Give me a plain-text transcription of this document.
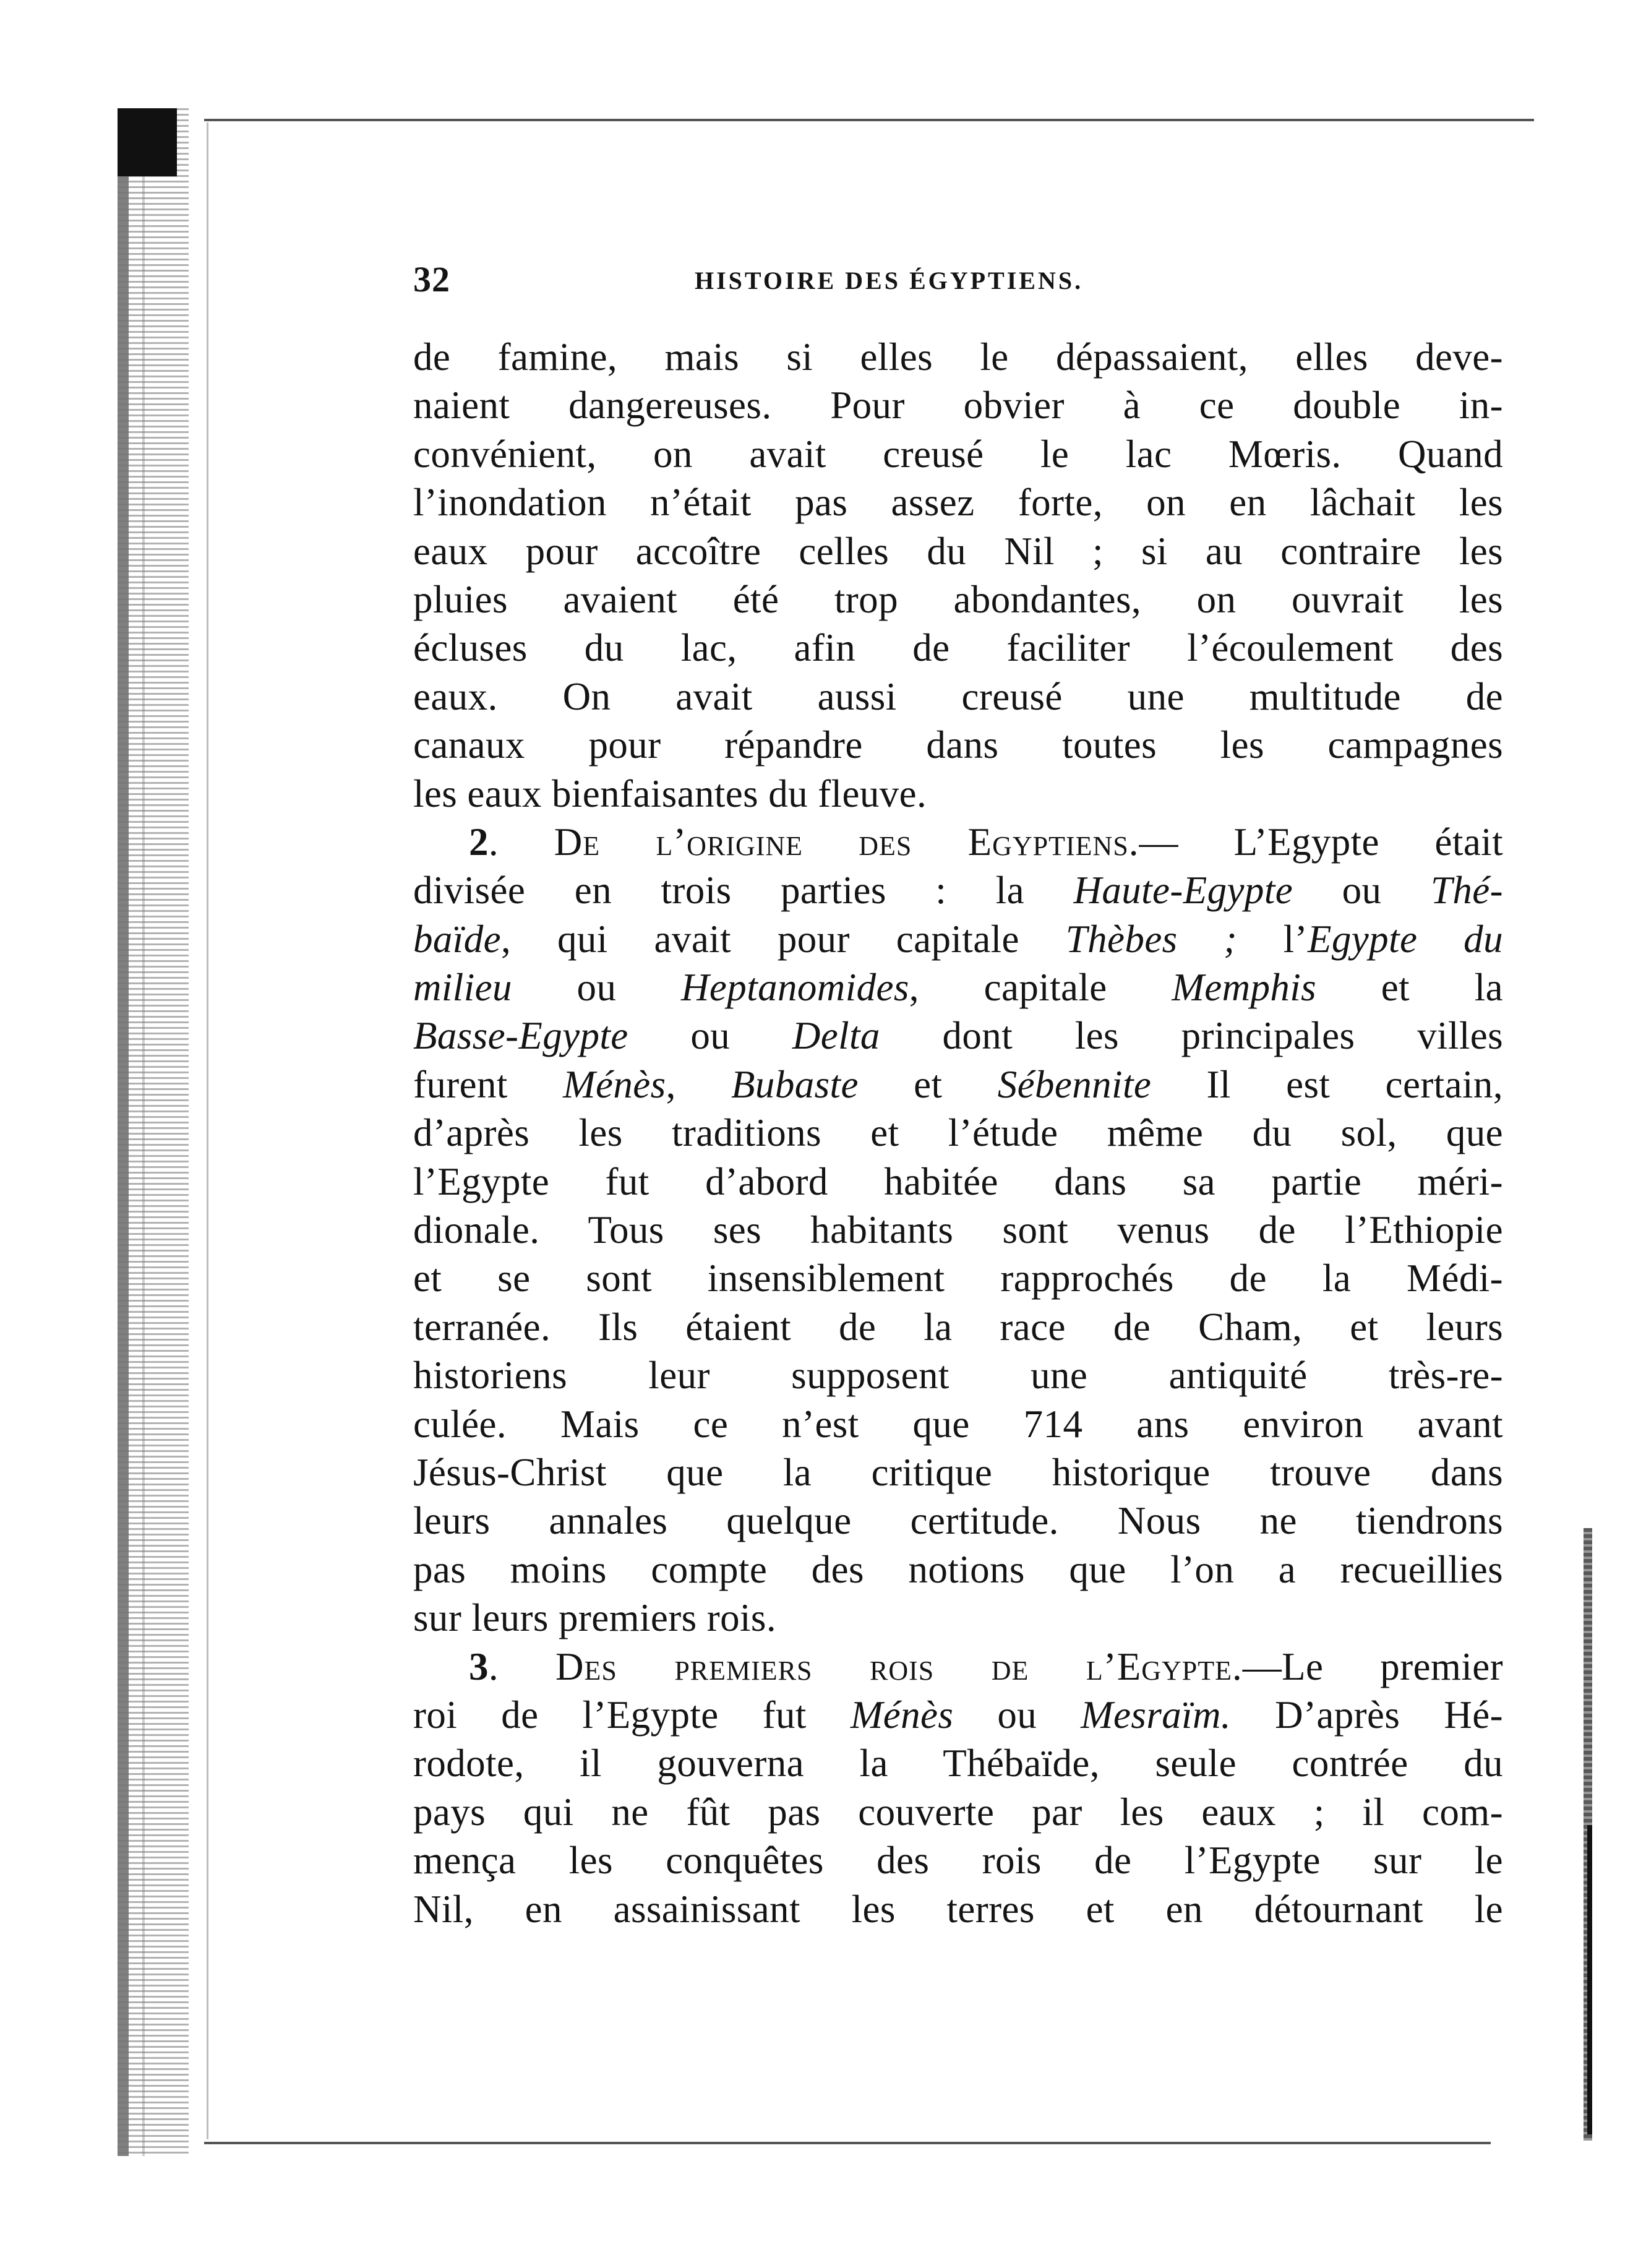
32	HISTOIRE DES ÉGYPTIENS.
de famine, mais si elles le dépassaient, elles deve-
naient dangereuses. Pour obvier à ce double in-
convénient, on avait creusé le lac Mœris. Quand
l’inondation n’était pas assez forte, on en lâchait les
eaux pour accoître celles du Nil ; si au contraire les
pluies avaient été trop abondantes, on ouvrait les
écluses du lac, afin de faciliter l’écoulement des
eaux. On avait aussi creusé une multitude de
canaux pour répandre dans toutes les campagnes
les eaux bienfaisantes du fleuve.
2. De l’origine des Egyptiens.— L’Egypte était
divisée en trois parties : la Haute-Egypte ou Thé-
baïde, qui avait pour capitale Thèbes ; l’Egypte du
milieu ou Heptanomides, capitale Memphis et la
Basse-Egypte ou Delta dont les principales villes
furent Ménès, Bubaste et Sébennite Il est certain,
d’après les traditions et l’étude même du sol, que
l’Egypte fut d’abord habitée dans sa partie méri-
dionale. Tous ses habitants sont venus de l’Ethiopie
et se sont insensiblement rapprochés de la Médi-
terranée. Ils étaient de la race de Cham, et leurs
historiens leur supposent une antiquité très-re-
culée. Mais ce n’est que 714 ans environ avant
Jésus-Christ que la critique historique trouve dans
leurs annales quelque certitude. Nous ne tiendrons
pas moins compte des notions que l’on a recueillies
sur leurs premiers rois.
3. Des premiers rois de l’Egypte.—Le premier
roi de l’Egypte fut Ménès ou Mesraïm. D’après Hé-
rodote, il gouverna la Thébaïde, seule contrée du
pays qui ne fût pas couverte par les eaux ; il com-
mença les conquêtes des rois de l’Egypte sur le
Nil, en assainissant les terres et en détournant le
